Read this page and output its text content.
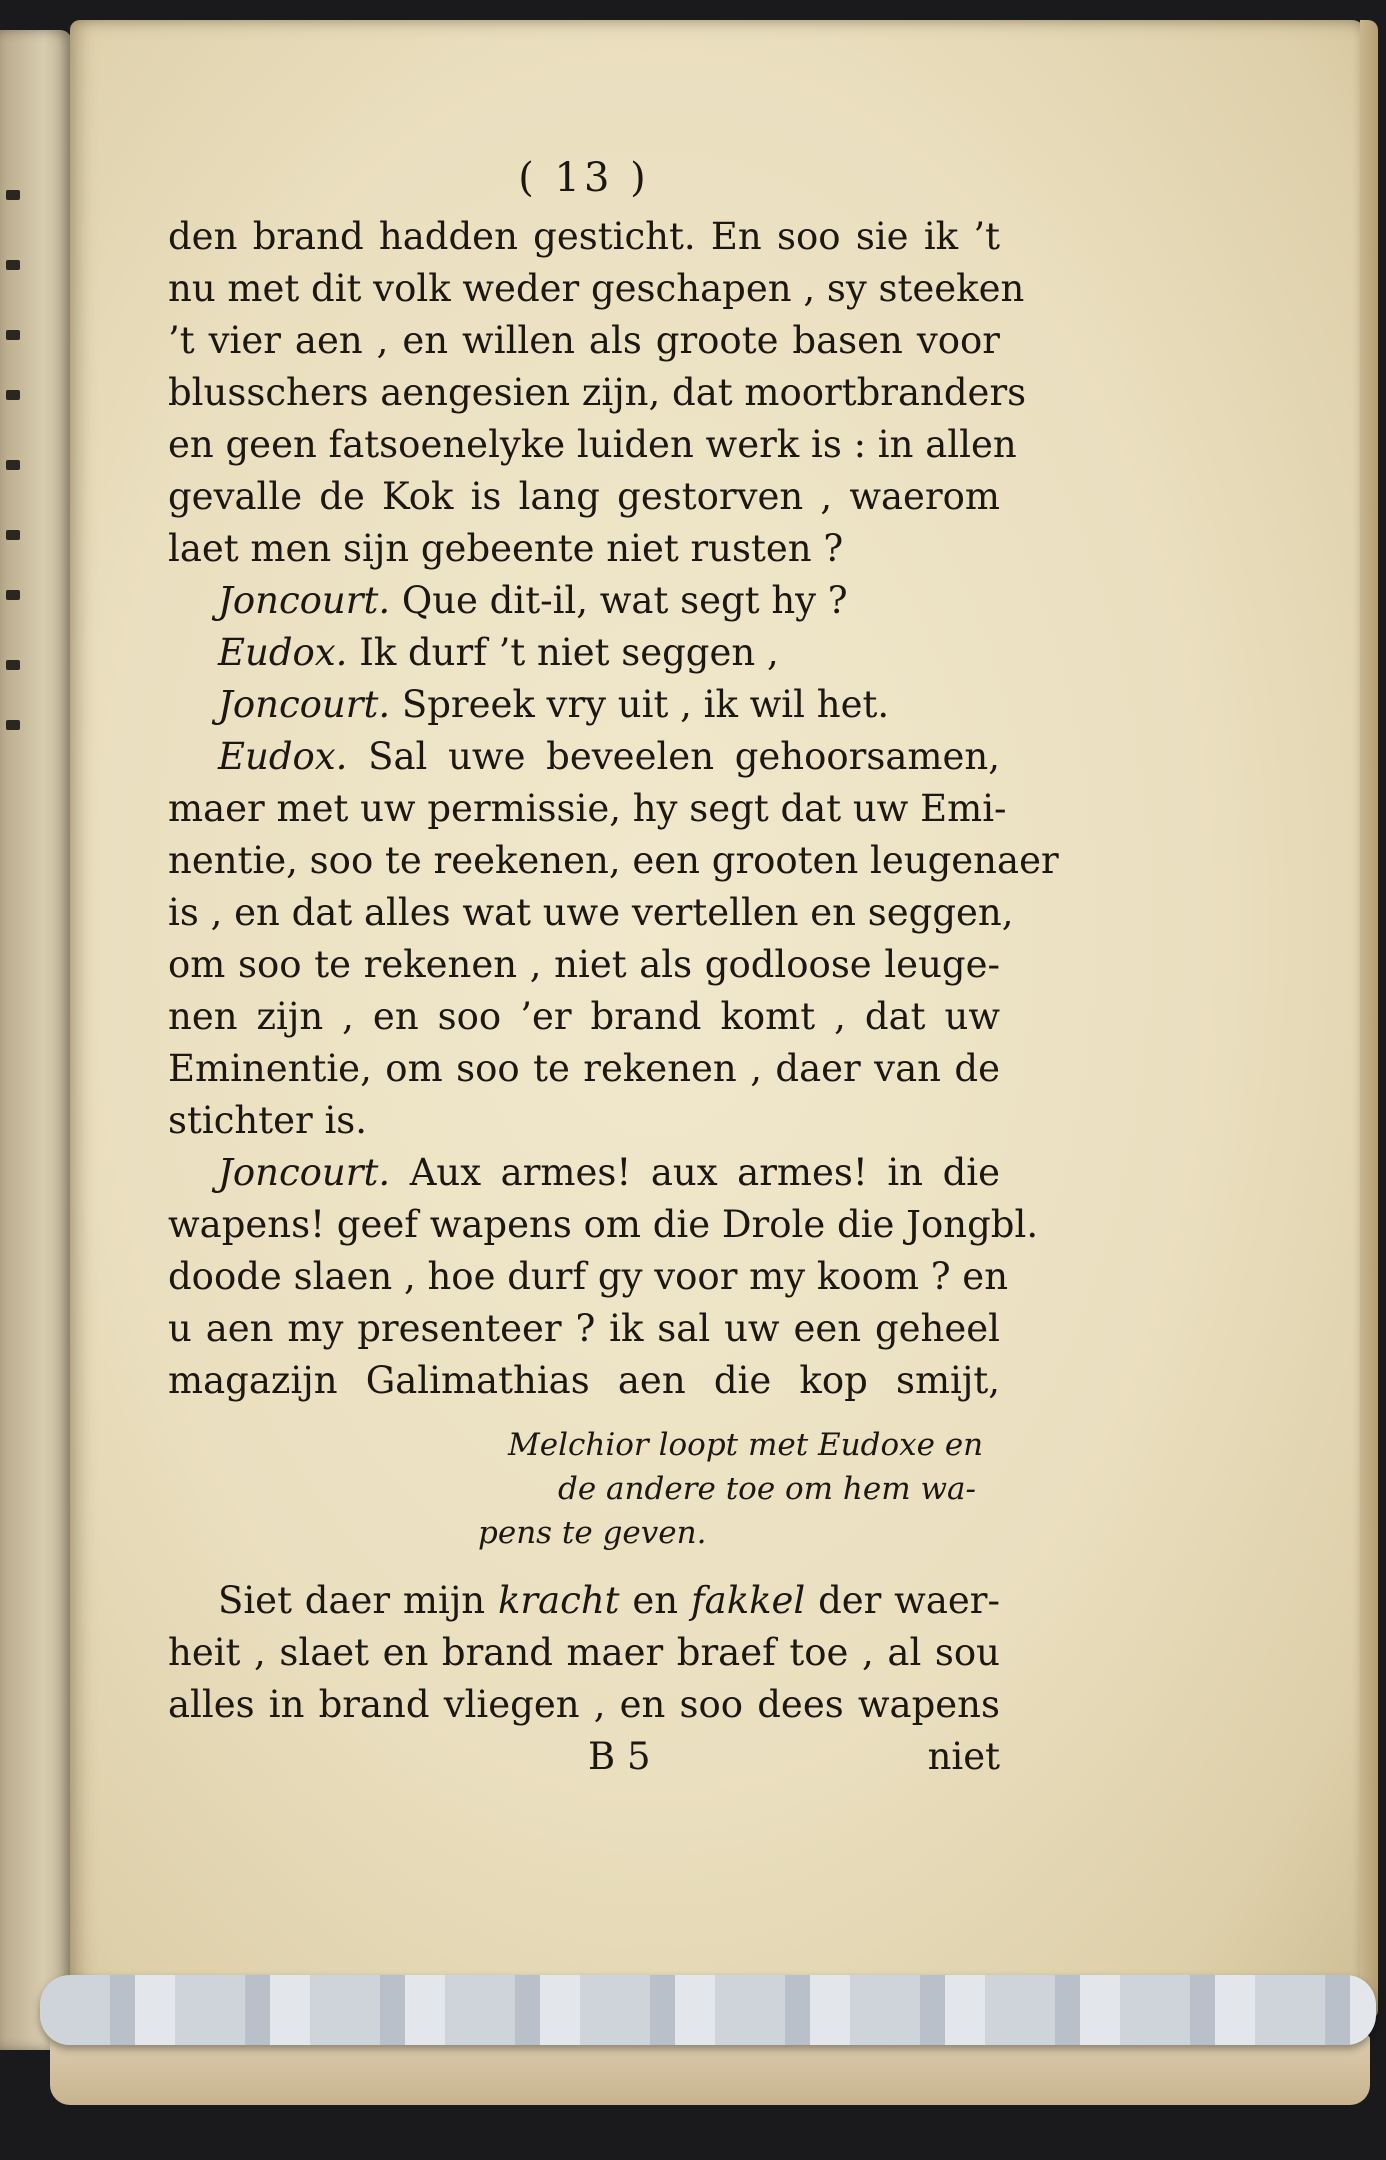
( 13 )
den brand hadden gesticht. En soo sie ik ’t
nu met dit volk weder geschapen , sy steeken
’t vier aen , en willen als groote basen voor
blusschers aengesien zijn, dat moortbranders
en geen fatsoenelyke luiden werk is : in allen
gevalle de Kok is lang gestorven , waerom
laet men sijn gebeente niet rusten ?
Joncourt. Que dit-il, wat segt hy ?
Eudox. Ik durf ’t niet seggen ,
Joncourt. Spreek vry uit , ik wil het.
Eudox. Sal uwe beveelen gehoorsamen,
maer met uw permissie, hy segt dat uw Emi-
nentie, soo te reekenen, een grooten leugenaer
is , en dat alles wat uwe vertellen en seggen,
om soo te rekenen , niet als godloose leuge-
nen zijn , en soo ’er brand komt , dat uw
Eminentie, om soo te rekenen , daer van de
stichter is.
Joncourt. Aux armes! aux armes! in die
wapens! geef wapens om die Drole die Jongbl.
doode slaen , hoe durf gy voor my koom ? en
u aen my presenteer ? ik sal uw een geheel
magazijn Galimathias aen die kop smijt,
Melchior loopt met Eudoxe en
de andere toe om hem wa-
pens te geven.
Siet daer mijn kracht en fakkel der waer-
heit , slaet en brand maer braef toe , al sou
alles in brand vliegen , en soo dees wapens
B 5	niet
